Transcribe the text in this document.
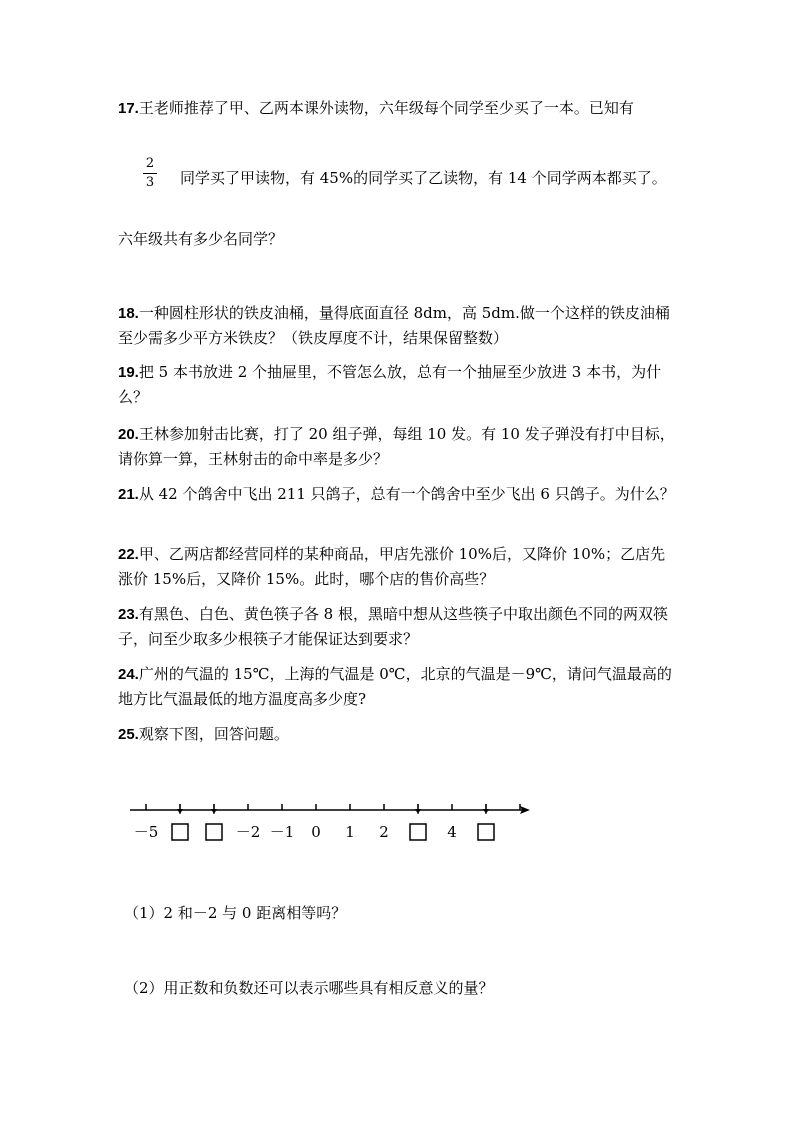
17.王老师推荐了甲、乙两本课外读物，六年级每个同学至少买了一本。已知有
2
3	同学买了甲读物，有 45%的同学买了乙读物，有 14 个同学两本都买了。
六年级共有多少名同学？
18.一种圆柱形状的铁皮油桶，量得底面直径 8dm，高 5dm.做一个这样的铁皮油桶至少需多少平方米铁皮？（铁皮厚度不计，结果保留整数）
19.把 5 本书放进 2 个抽屉里，不管怎么放，总有一个抽屉至少放进 3 本书，为什么？
20.王林参加射击比赛，打了 20 组子弹，每组 10 发。有 10 发子弹没有打中目标，请你算一算，王林射击的命中率是多少？
21.从 42 个鸽舍中飞出 211 只鸽子，总有一个鸽舍中至少飞出 6 只鸽子。为什么？
22.甲、乙两店都经营同样的某种商品，甲店先涨价 10%后，又降价 10%；乙店先涨价 15%后，又降价 15%。此时，哪个店的售价高些？
23.有黑色、白色、黄色筷子各 8 根，黑暗中想从这些筷子中取出颜色不同的两双筷子，问至少取多少根筷子才能保证达到要求？
24.广州的气温的 15℃，上海的气温是 0℃，北京的气温是－9℃，请问气温最高的地方比气温最低的地方温度高多少度?
25.观察下图，回答问题。
－5	－2 －1 0 1 2	4
（1）2 和－2 与 0 距离相等吗？
（2）用正数和负数还可以表示哪些具有相反意义的量？
